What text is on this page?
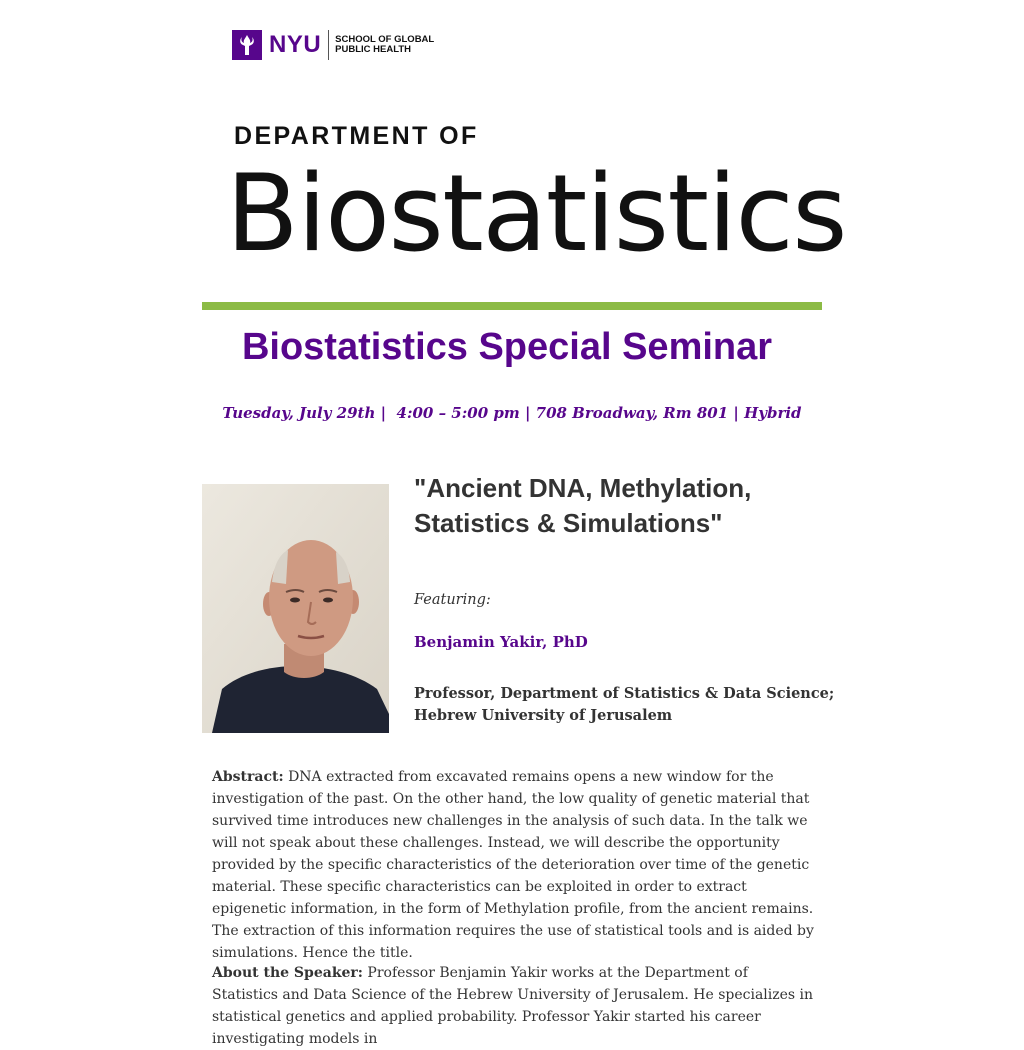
NYU SCHOOL OF GLOBAL
PUBLIC HEALTH
DEPARTMENT OF
Biostatistics
Biostatistics Special Seminar
Tuesday, July 29th |  4:00 – 5:00 pm | 708 Broadway, Rm 801 | Hybrid
"Ancient DNA, Methylation, Statistics & Simulations"
Featuring:
Benjamin Yakir, PhD
Professor, Department of Statistics & Data Science;
Hebrew University of Jerusalem
Abstract: DNA extracted from excavated remains opens a new window for the investigation of the past. On the other hand, the low quality of genetic material that survived time introduces new challenges in the analysis of such data. In the talk we will not speak about these challenges. Instead, we will describe the opportunity provided by the specific characteristics of the deterioration over time of the genetic material. These specific characteristics can be exploited in order to extract epigenetic information, in the form of Methylation profile, from the ancient remains. The extraction of this information requires the use of statistical tools and is aided by simulations. Hence the title.
About the Speaker: Professor Benjamin Yakir works at the Department of Statistics and Data Science of the Hebrew University of Jerusalem. He specializes in statistical genetics and applied probability. Professor Yakir started his career investigating models in
